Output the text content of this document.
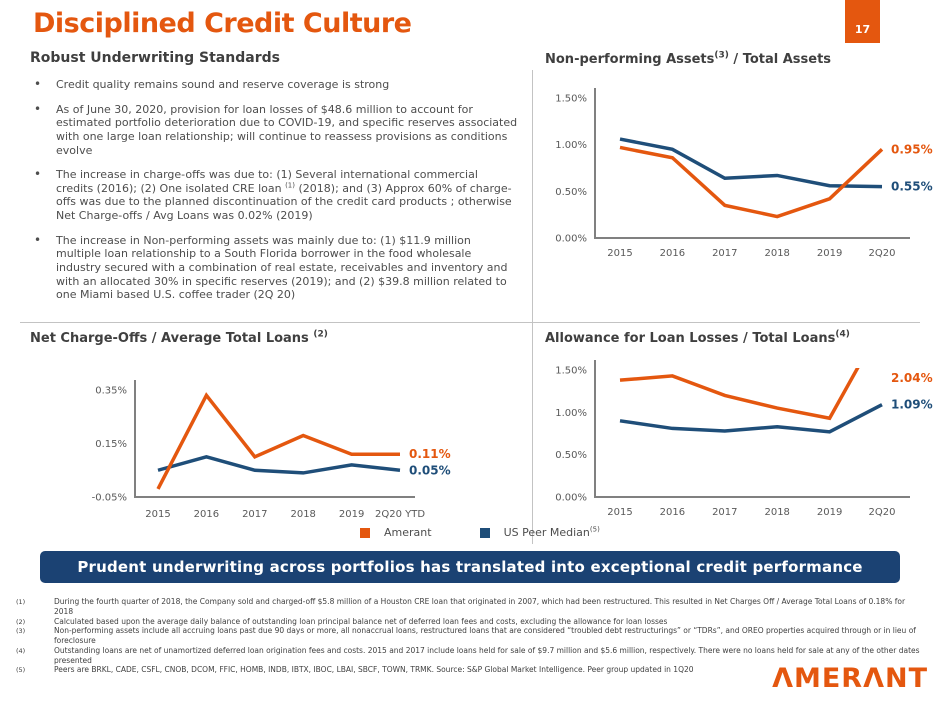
Disciplined Credit Culture	17
Robust Underwriting Standards
• Credit quality remains sound and reserve coverage is strong
• As of June 30, 2020, provision for loan losses of $48.6 million to account for estimated portfolio deterioration due to COVID-19, and specific reserves associated with one large loan relationship; will continue to reassess provisions as conditions evolve
• The increase in charge-offs was due to: (1) Several international commercial credits (2016); (2) One isolated CRE loan $^{(1)}$ (2018); and (3) Approx 60% of charge-offs was due to the planned discontinuation of the credit card products ; otherwise Net Charge-offs / Avg Loans was 0.02% (2019)
• The increase in Non-performing assets was mainly due to: (1) $11.9 million multiple loan relationship to a South Florida borrower in the food wholesale industry secured with a combination of real estate, receivables and inventory and with an allocated 30% in specific reserves (2019); and (2) $39.8 million related to one Miami based U.S. coffee trader (2Q 20)
Non-performing Assets$^{(3)}$ / Total Assets
1.50%
1.00%
0.50%
0.00%
2015	2016	2017	2018	2019	2Q20
0.55%
0.95%
Net Charge-Offs / Average Total Loans $^{(2)}$
0.35%
0.15%
-0.05%
2015 2016 2017 2018 2019 2Q20 YTD
0.05%
0.11%
Allowance for Loan Losses / Total Loans$^{(4)}$
1.50%
1.00%
0.50%
0.00%
2015	2016	2017	2018	2019	2Q20
1.09%
2.04%
Amerant	US Peer Median$^{(5)}$
Prudent underwriting across portfolios has translated into exceptional credit performance
(1)	During the fourth quarter of 2018, the Company sold and charged-off $5.8 million of a Houston CRE loan that originated in 2007, which had been restructured. This resulted in Net Charges Off / Average Total Loans of 0.18% for 2018
(2)	Calculated based upon the average daily balance of outstanding loan principal balance net of deferred loan fees and costs, excluding the allowance for loan losses
(3)	Non-performing assets include all accruing loans past due 90 days or more, all nonaccrual loans, restructured loans that are considered “troubled debt restructurings” or “TDRs”, and OREO properties acquired through or in lieu of foreclosure
(4)	Outstanding loans are net of unamortized deferred loan origination fees and costs. 2015 and 2017 include loans held for sale of $9.7 million and $5.6 million, respectively. There were no loans held for sale at any of the other dates presented
(5)	Peers are BRKL, CADE, CSFL, CNOB, DCOM, FFIC, HOMB, INDB, IBTX, IBOC, LBAI, SBCF, TOWN, TRMK. Source: S&P Global Market Intelligence. Peer group updated in 1Q20	ΛMERΛNT
